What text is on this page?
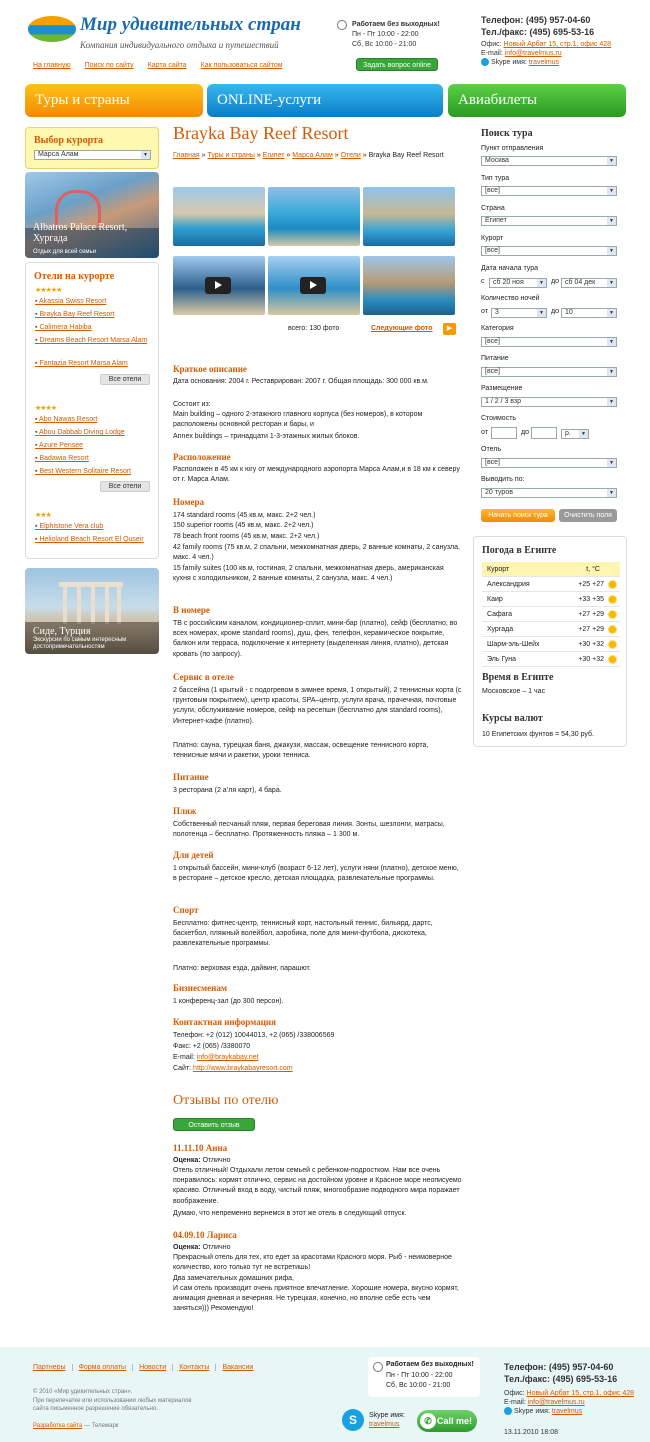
Мир удивительных стран
Компания индивидуального отдыха и путешествий
На главную Поиск по сайту Карта сайта Как пользоваться сайтом
Работаем без выходных!
Пн - Пт 10:00 - 22:00
Сб, Вс 10:00 - 21:00
Задать вопрос online
Телефон: (495) 957-04-60
Тел./факс: (495) 695-53-16
Офис: Новый Арбат 15, стр.1, офис 428
E-mail: info@travelmus.ru
Skype имя: travelmus
Туры и страны	ONLINE-услуги	Авиабилеты
Выбор курорта
Марса Алам ▼
Albatros Palace Resort, Хургада
Отдых для всей семьи
Отели на курорте
★★★★★
▪ Akassia Swiss Resort
▪ Brayka Bay Reef Resort
▪ Calimera Habiba
▪ Dreams Beach Resort Marsa Alam
▪ Fantazia Resort Marsa Alam
Все отели
★★★★
▪ Abo Nawas Resort
▪ Abou Dabbab Diving Lodge
▪ Azure Pensee
▪ Badawia Resort
▪ Best Western Solitaire Resort
Все отели
★★★
▪ Elphistone Vera club
▪ Helioland Beach Resort El Quseir
Сиде, Турция
Экскурсии по самым интересным достопримечательностям
Brayka Bay Reef Resort
Главная » Туры и страны » Египет » Марса Алам » Отели » Brayka Bay Reef Resort
всего: 130 фото	Следующие фото	▶
Краткое описание
Дата основания: 2004 г. Реставрирован: 2007 г. Общая площадь: 300 000 кв.м.
Состоит из:
Main building – одного 2-этажного главного корпуса (без номеров), в котором расположены основной ресторан и бары, и
Annex buildings – тринадцати 1-3-этажных жилых блоков.
Расположение
Расположен в 45 км к югу от международного аэропорта Марса Алам,и в 18 км к северу от г. Марса Алам.
Номера
174 standard rooms (45 кв.м, макс. 2+2 чел.)
150 superior rooms (45 кв.м, макс. 2+2 чел.)
78 beach front rooms (45 кв.м, макс. 2+2 чел.)
42 family rooms (75 кв.м, 2 спальни, межкомнатная дверь, 2 ванные комнаты, 2 санузла, макс. 4 чел.)
15 family suites (100 кв.м, гостиная, 2 спальни, межкомнатная дверь, американская кухня с холодильником, 2 ванные комнаты, 2 санузла, макс. 4 чел.)
В номере
ТВ с российским каналом, кондиционер-сплит, мини-бар (платно), сейф (бесплатно, во всех номерах, кроме standard rooms), душ, фен, телефон, керамическое покрытие, балкон или терраса, подключение к интернету (выделенная линия, платно), детская кровать (по запросу).
Сервис в отеле
2 бассейна (1 крытый - с подогревом в зимнее время, 1 открытый), 2 теннисных корта (с грунтовым покрытием), центр красоты, SPA–центр, услуги врача, прачечная, почтовые услуги, обслуживание номеров, сейф на ресепшн (бесплатно для standard rooms), Интернет-кафе (платно).
Платно: сауна, турецкая баня, джакузи, массаж, освещение теннисного корта, теннисные мячи и ракетки, уроки тенниса.
Питание
3 ресторана (2 а’ля карт), 4 бара.
Пляж
Собственный песчаный пляж, первая береговая линия. Зонты, шезлонги, матрасы, полотенца – бесплатно. Протяженность пляжа – 1 300 м.
Для детей
1 открытый бассейн, мини-клуб (возраст 6-12 лет), услуги няни (платно), детское меню, в ресторане – детское кресло, детская площадка, развлекательные программы.
Спорт
Бесплатно: фитнес-центр, теннисный корт, настольный теннис, бильярд, дартс, баскетбол, пляжный волейбол, аэробика, поле для мини-футбола, дискотека, развлекательные программы.
Платно: верховая езда, дайвинг, парашют.
Бизнесменам
1 конференц-зал (до 300 персон).
Контактная информация
Телефон: +2 (012) 10044013, +2 (065) /338006569
Факс: +2 (065) /3380070
E-mail: info@braykabay.net
Сайт: http://www.braykabayresort.com
Отзывы по отелю
Оставить отзыв
11.11.10 Анна
Оценка: Отлично
Отель отличный! Отдыхали летом семьей с ребенком-подростком. Нам все очень понравилось: кормят отлично, сервис на достойном уровне и Красное море неописуемо красиво. Отличный вход в воду, чистый пляж, многообразие подводного мира поражает воображение.
Думаю, что непременно вернемся в этот же отель в следующий отпуск.
04.09.10 Лариса
Оценка: Отлично
Прекрасный отель для тех, кто едет за красотами Красного моря. Рыб - неимоверное количество, кого только тут не встретишь!
Два замечательных домашних рифа,
И сам отель производит очень приятное впечатление. Хорошие номера, вкусно кормят, анимация дневная и вечерняя. Не турецкая, конечно, но вполне себе есть чем заняться))) Рекомендую!
Поиск тура
Пункт отправления
Москва ▼
Тип тура
[все] ▼
Страна
Египет ▼
Курорт
[все] ▼
Дата начала тура
с	сб 20 ноя ▼	до сб 04 дек ▼
Количество ночей
от	3 ▼	до 10 ▼
Категория
[все] ▼
Питание
[все] ▼
Размещение
1 / 2 / 3 взр ▼
Стоимость
от	до	р. ▼
Отель
[все] ▼
Выводить по:
20 туров ▼
Начать поиск тура	Очистить поля
Погода в Египте
Курорт	t, °C
Александрия	+25 +27
Каир	+33 +35
Сафага	+27 +29
Хургада	+27 +29
Шарм-эль-Шейх	+30 +32
Эль Гуна	+30 +32
Время в Египте
Московское – 1 час
Курсы валют
10 Египетских фунтов = 54,30 руб.
Партнеры	Форма оплаты	Новости	Контакты	Вакансии
© 2010 «Мир удивительных стран».
При перепечатке или использовании любых материалов
сайта письменное разрешение обязательно.
Разработка сайта — Телемарк
Работаем без выходных!
Пн - Пт 10:00 - 22:00
Сб, Вс 10:00 - 21:00
S	Skype имя:
travelmus	✆ Call me!
Телефон: (495) 957-04-60
Тел./факс: (495) 695-53-16
Офис: Новый Арбат 15, стр.1, офис 428
E-mail: info@travelmus.ru
Skype имя: travelmus
13.11.2010 18:08
